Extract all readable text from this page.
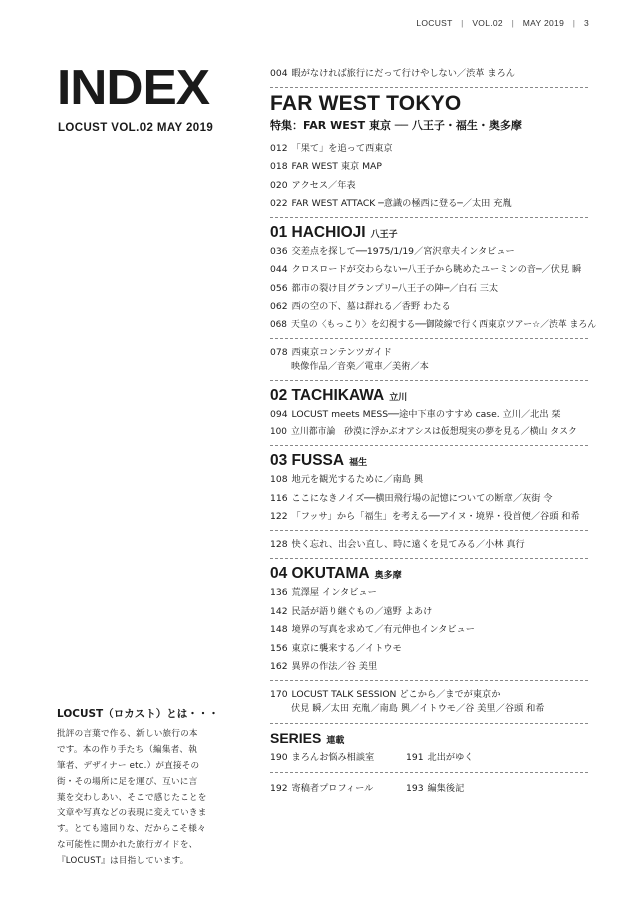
LOCUST | VOL.02 | MAY 2019 | 3
INDEX
LOCUST VOL.02 MAY 2019
LOCUST（ロカスト）とは・・・
批評の言葉で作る、新しい旅行の本
です。本の作り手たち（編集者、執
筆者、デザイナー etc.）が直接その
街・その場所に足を運び、互いに言
葉を交わしあい、そこで感じたことを
文章や写真などの表現に変えていきま
す。とても遠回りな、だからこそ様々
な可能性に開かれた旅行ガイドを、
『LOCUST』は目指しています。
004 暇がなければ旅行にだって行けやしない／渋革 まろん
FAR WEST TOKYO
特集：FAR WEST 東京 ── 八王子・福生・奥多摩
012 「果て」を追って西東京
018 FAR WEST 東京 MAP
020 アクセス／年表
022 FAR WEST ATTACK ─意識の極西に登る─／太田 充胤
01 HACHIOJI 八王子
036 交差点を探して──1975/1/19／宮沢章夫インタビュー
044 クロスロードが交わらない─八王子から眺めたユーミンの音─／伏見 瞬
056 都市の裂け目グランプリ─八王子の陣─／白石 三太
062 西の空の下、墓は群れる／香野 わたる
068 天皇の〈もっこり〉を幻視する──御陵線で行く西東京ツアー☆／渋革 まろん
078 西東京コンテンツガイド
映像作品／音楽／電車／美術／本
02 TACHIKAWA 立川
094 LOCUST meets MESS──途中下車のすすめ case. 立川／北出 栞
100 立川都市論　砂漠に浮かぶオアシスは仮想現実の夢を見る／横山 タスク
03 FUSSA 福生
108 地元を観光するために／南島 興
116 ここになきノイズ──横田飛行場の記憶についての断章／灰街 令
122 「フッサ」から「福生」を考える──アイヌ・境界・役首便／谷頭 和希
128 快く忘れ、出会い直し、時に遠くを見てみる／小林 真行
04 OKUTAMA 奥多摩
136 荒澤屋 インタビュー
142 民話が語り継ぐもの／遠野 よあけ
148 境界の写真を求めて／有元伸也インタビュー
156 東京に襲来する／イトウモ
162 異界の作法／谷 美里
170 LOCUST TALK SESSION どこから／までが東京か
伏見 瞬／太田 充胤／南島 興／イトウモ／谷 美里／谷頭 和希
SERIES 連載
190 まろんお悩み相談室	191 北出がゆく
192 寄稿者プロフィール	193 編集後記
